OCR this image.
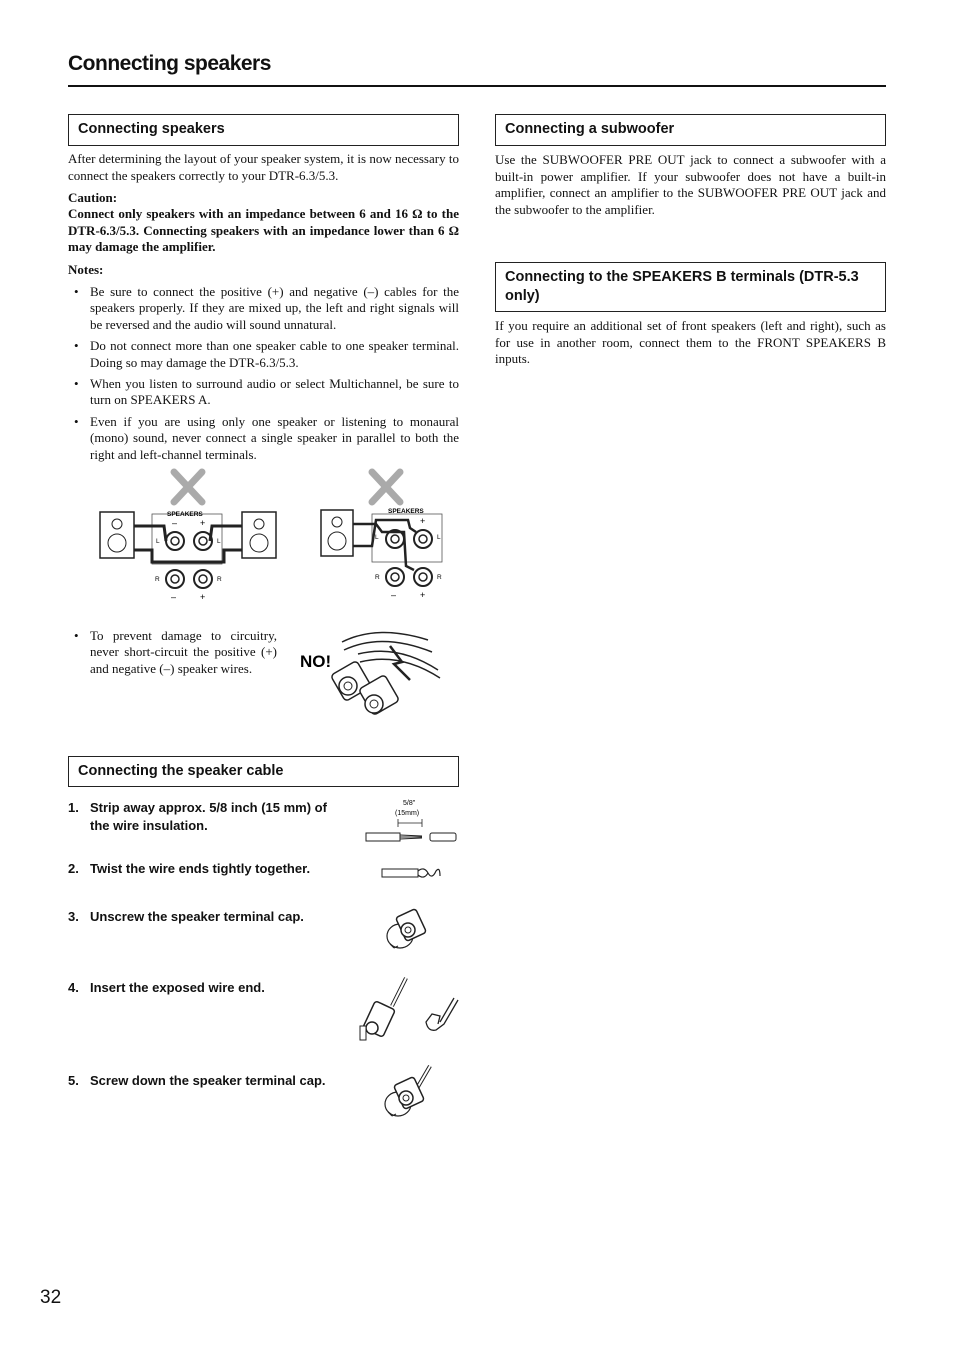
Connecting speakers
Connecting speakers
After determining the layout of your speaker system, it is now necessary to connect the speakers correctly to your DTR-6.3/5.3.
Caution:
Connect only speakers with an impedance between 6 and 16 Ω to the DTR-6.3/5.3. Connecting speakers with an impedance lower than 6 Ω may damage the amplifier.
Notes:
• Be sure to connect the positive (+) and negative (–) cables for the speakers properly. If they are mixed up, the left and right signals will be reversed and the audio will sound unnatural.
• Do not connect more than one speaker cable to one speaker terminal. Doing so may damage the DTR-6.3/5.3.
• When you listen to surround audio or select Multichannel, be sure to turn on SPEAKERS A.
• Even if you are using only one speaker or listening to monaural (mono) sound, never connect a single speaker in parallel to both the right and left-channel terminals.
SPEAKERS
–	+
L	L
R	R
–	+
SPEAKERS
+
L	L
R	R
–	+
• To prevent damage to circuitry, never short-circuit the positive (+) and negative (–) speaker wires.	NO!
Connecting the speaker cable
1. Strip away approx. 5/8 inch (15 mm) of the wire insulation.
5/8"
(15mm)
2. Twist the wire ends tightly together.
3. Unscrew the speaker terminal cap.
4. Insert the exposed wire end.
5. Screw down the speaker terminal cap.
Connecting a subwoofer
Use the SUBWOOFER PRE OUT jack to connect a subwoofer with a built-in power amplifier. If your subwoofer does not have a built-in amplifier, connect an amplifier to the SUBWOOFER PRE OUT jack and the subwoofer to the amplifier.
Connecting to the SPEAKERS B terminals (DTR-5.3 only)
If you require an additional set of front speakers (left and right), such as for use in another room, connect them to the FRONT SPEAKERS B inputs.
32
